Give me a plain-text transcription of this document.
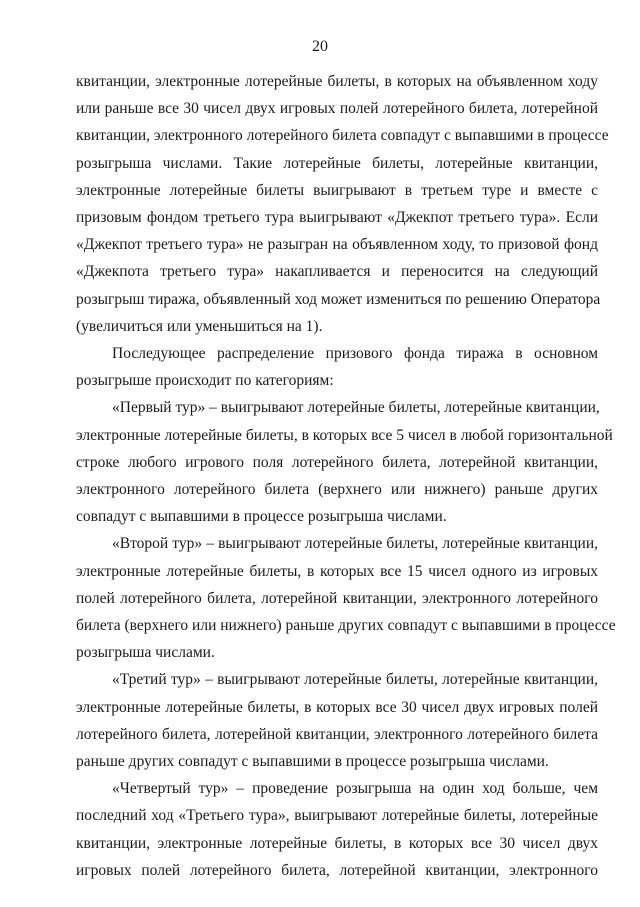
20
квитанции, электронные лотерейные билеты, в которых на объявленном ходу
или раньше все 30 чисел двух игровых полей лотерейного билета, лотерейной
квитанции, электронного лотерейного билета совпадут с выпавшими в процессе
розыгрыша числами. Такие лотерейные билеты, лотерейные квитанции,
электронные лотерейные билеты выигрывают в третьем туре и вместе с
призовым фондом третьего тура выигрывают «Джекпот третьего тура». Если
«Джекпот третьего тура» не разыгран на объявленном ходу, то призовой фонд
«Джекпота третьего тура» накапливается и переносится на следующий
розыгрыш тиража, объявленный ход может измениться по решению Оператора
(увеличиться или уменьшиться на 1).
Последующее распределение призового фонда тиража в основном
розыгрыше происходит по категориям:
«Первый тур» – выигрывают лотерейные билеты, лотерейные квитанции,
электронные лотерейные билеты, в которых все 5 чисел в любой горизонтальной
строке любого игрового поля лотерейного билета, лотерейной квитанции,
электронного лотерейного билета (верхнего или нижнего) раньше других
совпадут с выпавшими в процессе розыгрыша числами.
«Второй тур» – выигрывают лотерейные билеты, лотерейные квитанции,
электронные лотерейные билеты, в которых все 15 чисел одного из игровых
полей лотерейного билета, лотерейной квитанции, электронного лотерейного
билета (верхнего или нижнего) раньше других совпадут с выпавшими в процессе
розыгрыша числами.
«Третий тур» – выигрывают лотерейные билеты, лотерейные квитанции,
электронные лотерейные билеты, в которых все 30 чисел двух игровых полей
лотерейного билета, лотерейной квитанции, электронного лотерейного билета
раньше других совпадут с выпавшими в процессе розыгрыша числами.
«Четвертый тур» – проведение розыгрыша на один ход больше, чем
последний ход «Третьего тура», выигрывают лотерейные билеты, лотерейные
квитанции, электронные лотерейные билеты, в которых все 30 чисел двух
игровых полей лотерейного билета, лотерейной квитанции, электронного
